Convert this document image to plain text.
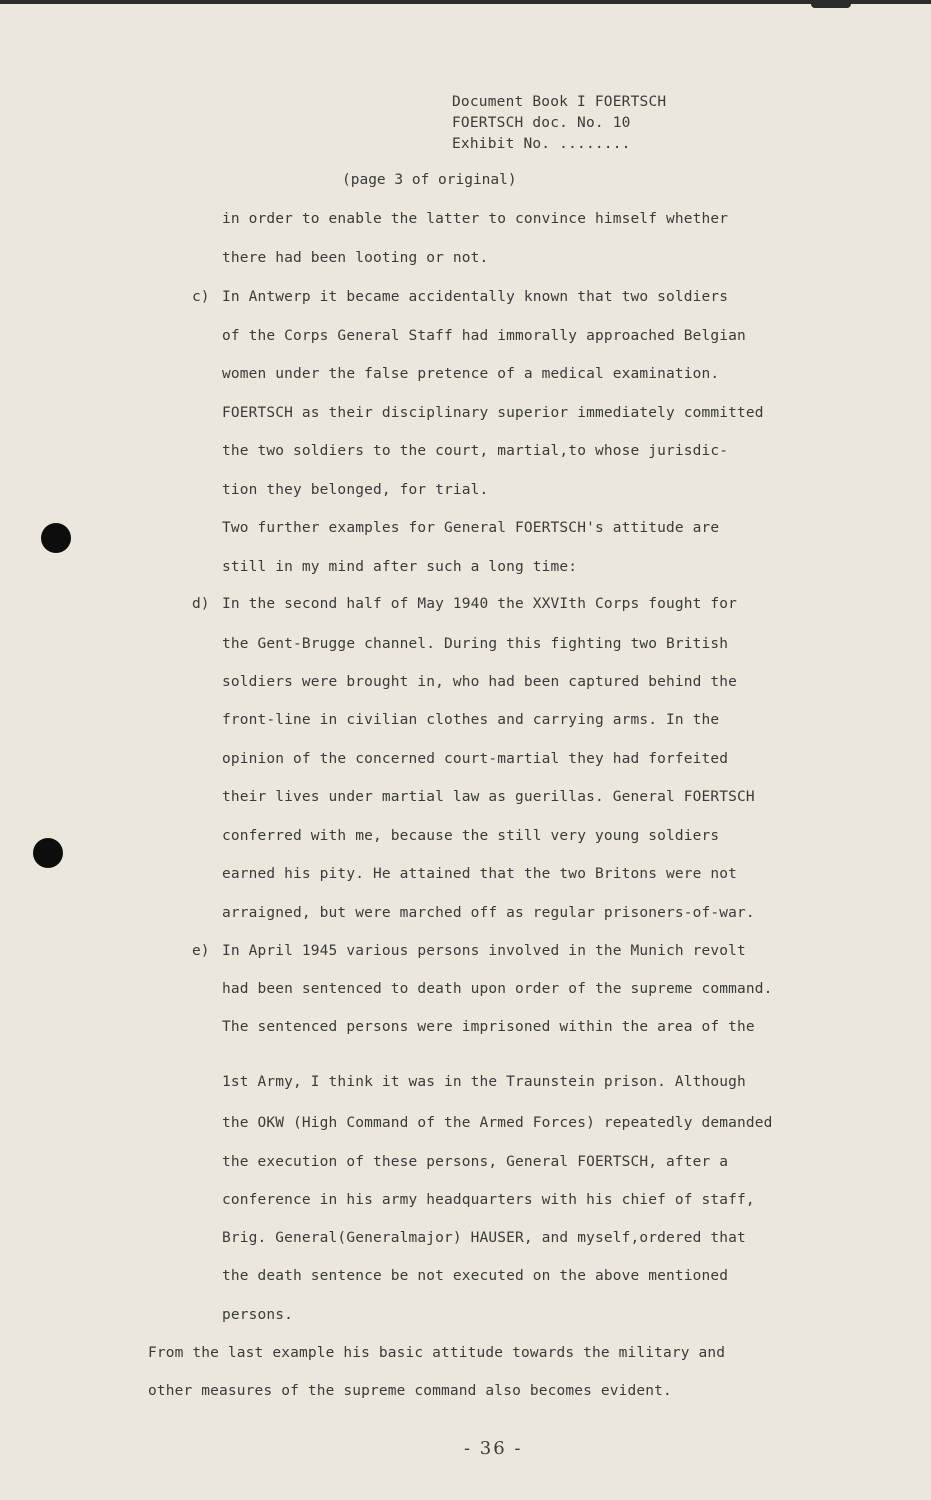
Document Book I FOERTSCH
FOERTSCH doc. No. 10
Exhibit No. ........
(page 3 of original)
in order to enable the latter to convince himself whether
there had been looting or not.
c) In Antwerp it became accidentally known that two soldiers
of the Corps General Staff had immorally approached Belgian
women under the false pretence of a medical examination.
FOERTSCH as their disciplinary superior immediately committed
the two soldiers to the court, martial,to whose jurisdic-
tion they belonged, for trial.
Two further examples for General FOERTSCH's attitude are
still in my mind after such a long time:
d) In the second half of May 1940 the XXVIth Corps fought for
the Gent-Brugge channel. During this fighting two British
soldiers were brought in, who had been captured behind the
front-line in civilian clothes and carrying arms. In the
opinion of the concerned court-martial they had forfeited
their lives under martial law as guerillas. General FOERTSCH
conferred with me, because the still very young soldiers
earned his pity. He attained that the two Britons were not
arraigned, but were marched off as regular prisoners-of-war.
e) In April 1945 various persons involved in the Munich revolt
had been sentenced to death upon order of the supreme command.
The sentenced persons were imprisoned within the area of the
1st Army, I think it was in the Traunstein prison. Although
the OKW (High Command of the Armed Forces) repeatedly demanded
the execution of these persons, General FOERTSCH, after a
conference in his army headquarters with his chief of staff,
Brig. General(Generalmajor) HAUSER, and myself,ordered that
the death sentence be not executed on the above mentioned
persons.
From the last example his basic attitude towards the military and
other measures of the supreme command also becomes evident.
- 36 -
